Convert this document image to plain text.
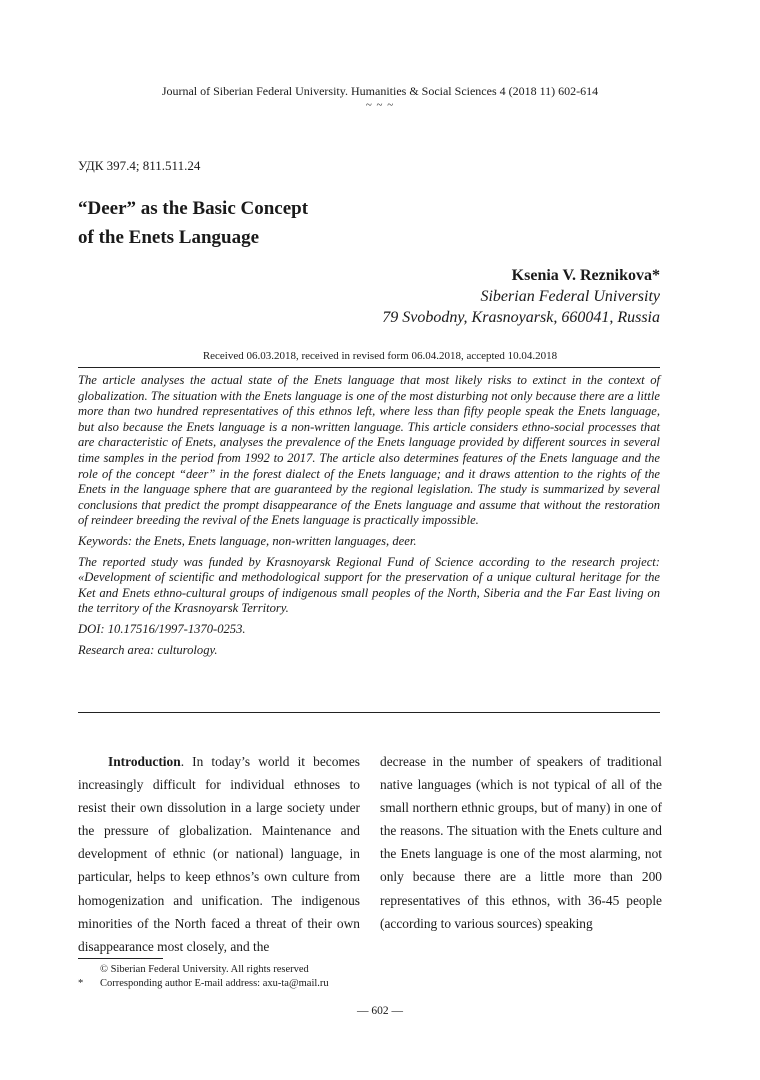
Journal of Siberian Federal University. Humanities & Social Sciences 4 (2018 11) 602-614
~ ~ ~
УДК 397.4; 811.511.24
“Deer” as the Basic Concept
of the Enets Language
Ksenia V. Reznikova*
Siberian Federal University
79 Svobodny, Krasnoyarsk, 660041, Russia
Received 06.03.2018, received in revised form 06.04.2018, accepted 10.04.2018

The article analyses the actual state of the Enets language that most likely risks to extinct in the context of globalization. The situation with the Enets language is one of the most disturbing not only because there are a little more than two hundred representatives of this ethnos left, where less than fifty people speak the Enets language, but also because the Enets language is a non-written language. This article considers ethno-social processes that are characteristic of Enets, analyses the prevalence of the Enets language provided by different sources in several time samples in the period from 1992 to 2017. The article also determines features of the Enets language and the role of the concept “deer” in the forest dialect of the Enets language; and it draws attention to the rights of the Enets in the language sphere that are guaranteed by the regional legislation. The study is summarized by several conclusions that predict the prompt disappearance of the Enets language and assume that without the restoration of reindeer breeding the revival of the Enets language is practically impossible.

Keywords: the Enets, Enets language, non-written languages, deer.

The reported study was funded by Krasnoyarsk Regional Fund of Science according to the research project: «Development of scientific and methodological support for the preservation of a unique cultural heritage for the Ket and Enets ethno-cultural groups of indigenous small peoples of the North, Siberia and the Far East living on the territory of the Krasnoyarsk Territory.

DOI: 10.17516/1997-1370-0253.

Research area: culturology.

Introduction. In today’s world it becomes increasingly difficult for individual ethnoses to resist their own dissolution in a large society under the pressure of globalization. Maintenance and development of ethnic (or national) language, in particular, helps to keep ethnos’s own culture from homogenization and unification. The indigenous minorities of the North faced a threat of their own disappearance most closely, and the

decrease in the number of speakers of traditional native languages (which is not typical of all of the small northern ethnic groups, but of many) in one of the reasons. The situation with the Enets culture and the Enets language is one of the most alarming, not only because there are a little more than 200 representatives of this ethnos, with 36-45 people (according to various sources) speaking

© Siberian Federal University. All rights reserved
*	Corresponding author E-mail address: axu-ta@mail.ru
— 602 —
